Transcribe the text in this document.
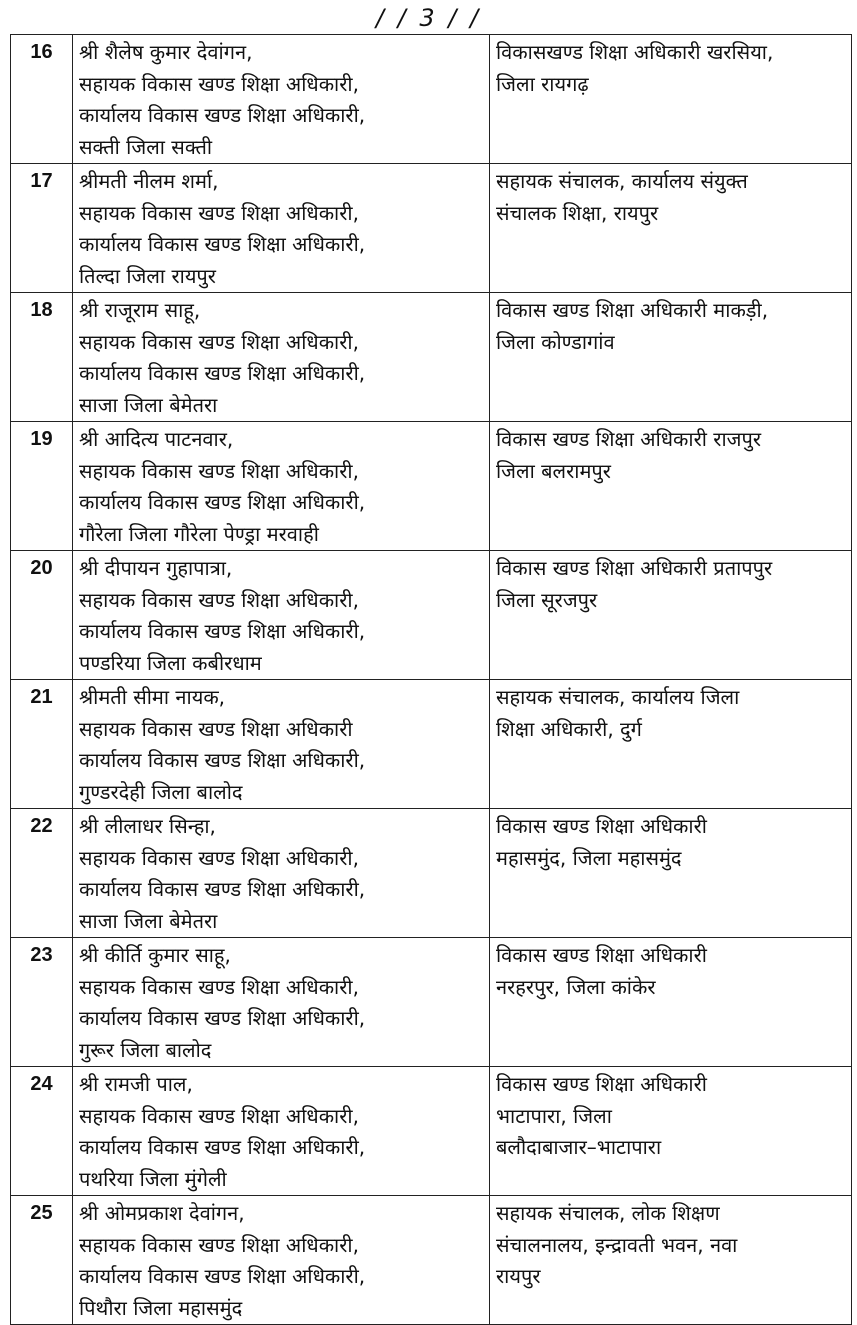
/ / 3 / /
16	श्री शैलेष कुमार देवांगन,
सहायक विकास खण्ड शिक्षा अधिकारी,
कार्यालय विकास खण्ड शिक्षा अधिकारी,
सक्ती जिला सक्ती	विकासखण्ड शिक्षा अधिकारी खरसिया,
जिला रायगढ़

17	श्रीमती नीलम शर्मा,
सहायक विकास खण्ड शिक्षा अधिकारी,
कार्यालय विकास खण्ड शिक्षा अधिकारी,
तिल्दा जिला रायपुर	सहायक संचालक, कार्यालय संयुक्त
संचालक शिक्षा, रायपुर

18	श्री राजूराम साहू,
सहायक विकास खण्ड शिक्षा अधिकारी,
कार्यालय विकास खण्ड शिक्षा अधिकारी,
साजा जिला बेमेतरा	विकास खण्ड शिक्षा अधिकारी माकड़ी,
जिला कोण्डागांव

19	श्री आदित्य पाटनवार,
सहायक विकास खण्ड शिक्षा अधिकारी,
कार्यालय विकास खण्ड शिक्षा अधिकारी,
गौरेला जिला गौरेला पेण्ड्रा मरवाही	विकास खण्ड शिक्षा अधिकारी राजपुर
जिला बलरामपुर

20	श्री दीपायन गुहापात्रा,
सहायक विकास खण्ड शिक्षा अधिकारी,
कार्यालय विकास खण्ड शिक्षा अधिकारी,
पण्डरिया जिला कबीरधाम	विकास खण्ड शिक्षा अधिकारी प्रतापपुर
जिला सूरजपुर

21	श्रीमती सीमा नायक,
सहायक विकास खण्ड शिक्षा अधिकारी
कार्यालय विकास खण्ड शिक्षा अधिकारी,
गुण्डरदेही जिला बालोद	सहायक संचालक, कार्यालय जिला
शिक्षा अधिकारी, दुर्ग

22	श्री लीलाधर सिन्हा,
सहायक विकास खण्ड शिक्षा अधिकारी,
कार्यालय विकास खण्ड शिक्षा अधिकारी,
साजा जिला बेमेतरा	विकास खण्ड शिक्षा अधिकारी
महासमुंद, जिला महासमुंद

23	श्री कीर्ति कुमार साहू,
सहायक विकास खण्ड शिक्षा अधिकारी,
कार्यालय विकास खण्ड शिक्षा अधिकारी,
गुरूर जिला बालोद	विकास खण्ड शिक्षा अधिकारी
नरहरपुर, जिला कांकेर

24	श्री रामजी पाल,
सहायक विकास खण्ड शिक्षा अधिकारी,
कार्यालय विकास खण्ड शिक्षा अधिकारी,
पथरिया जिला मुंगेली	विकास खण्ड शिक्षा अधिकारी
भाटापारा, जिला
बलौदाबाजार–भाटापारा

25	श्री ओमप्रकाश देवांगन,
सहायक विकास खण्ड शिक्षा अधिकारी,
कार्यालय विकास खण्ड शिक्षा अधिकारी,
पिथौरा जिला महासमुंद	सहायक संचालक, लोक शिक्षण
संचालनालय, इन्द्रावती भवन, नवा
रायपुर
